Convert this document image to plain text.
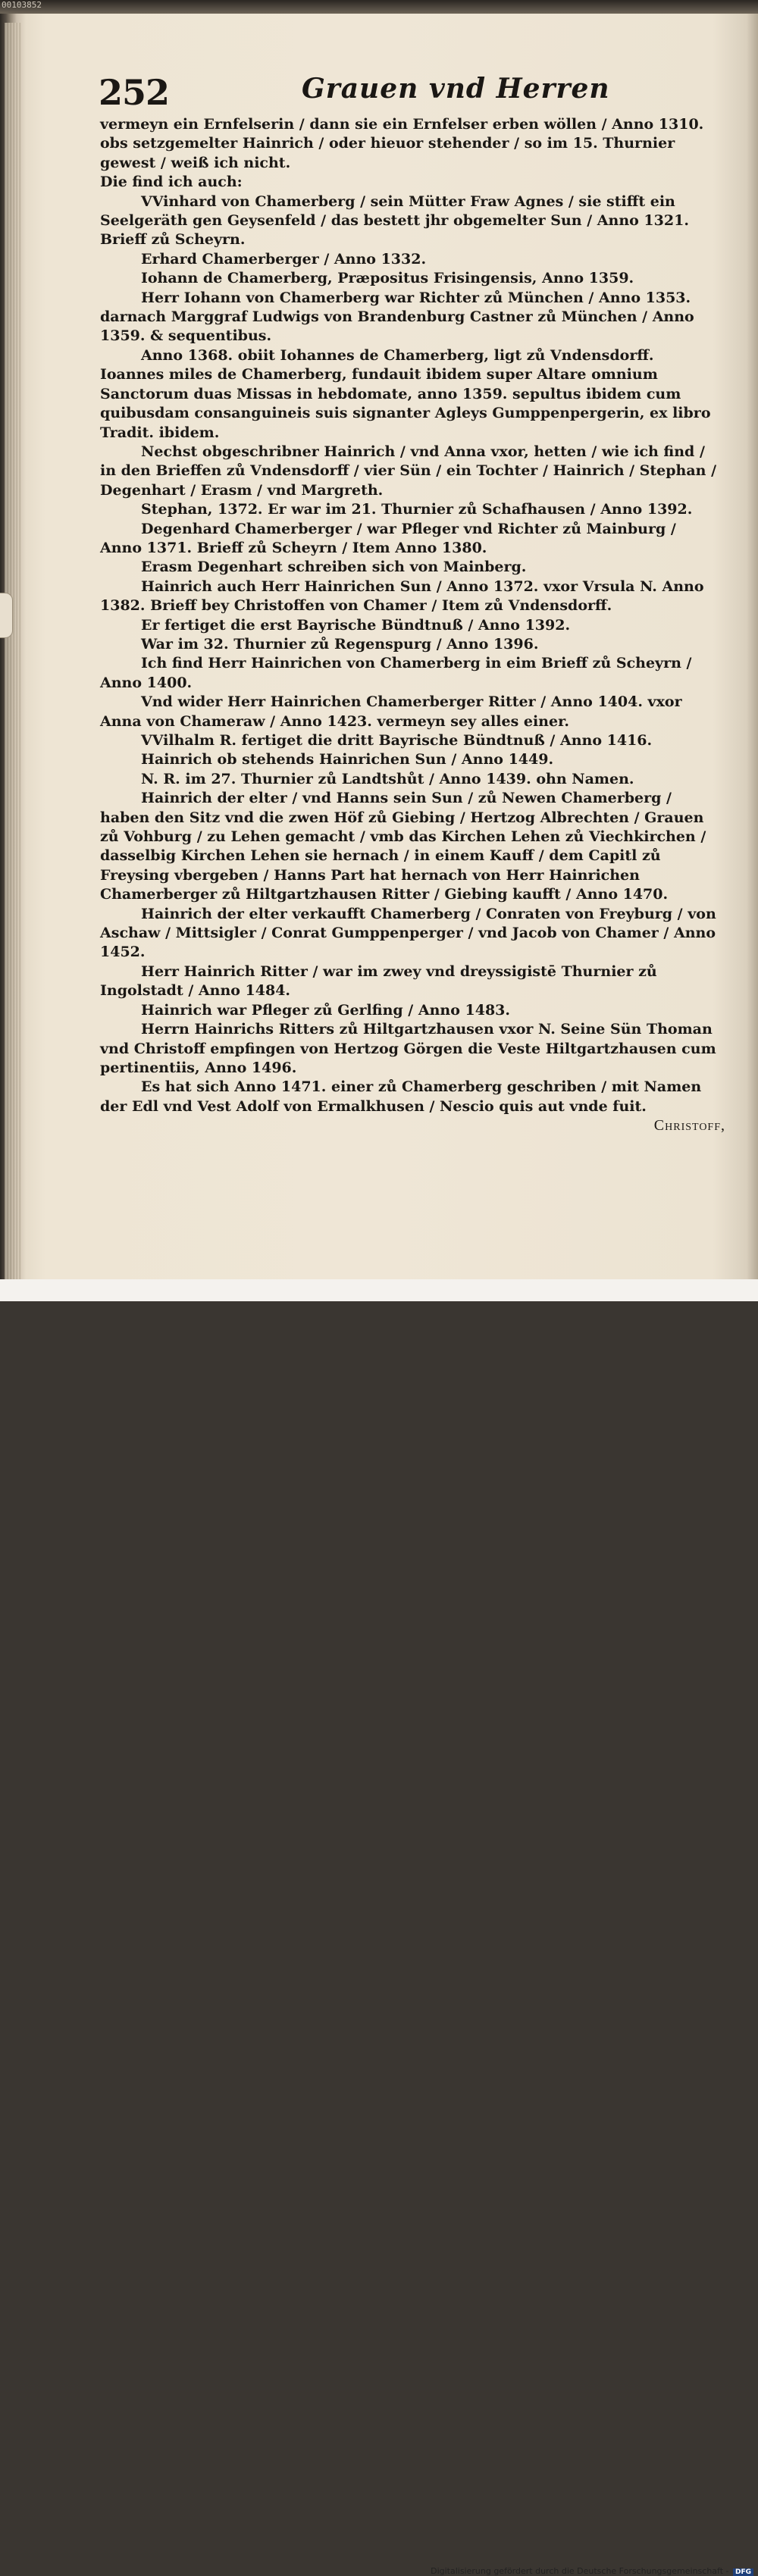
00103852
252	Grauen vnd Herren

vermeyn ein Ernfelserin / dann sie ein Ernfelser erben wöllen / Anno 1310. obs setzgemelter Hainrich / oder hieuor stehender / so im 15. Thurnier gewest / weiß ich nicht.

Die find ich auch:

VVinhard von Chamerberg / sein Mütter Fraw Agnes / sie stifft ein Seelgeräth gen Geysenfeld / das bestett jhr obgemelter Sun / Anno 1321. Brieff zů Scheyrn.

Erhard Chamerberger / Anno 1332.

Iohann de Chamerberg, Præpositus Frisingensis, Anno 1359.

Herr Iohann von Chamerberg war Richter zů München / Anno 1353. darnach Marggraf Ludwigs von Brandenburg Castner zů München / Anno 1359. & sequentibus.

Anno 1368. obiit Iohannes de Chamerberg, ligt zů Vndensdorff. Ioannes miles de Chamerberg, fundauit ibidem super Altare omnium Sanctorum duas Missas in hebdomate, anno 1359. sepultus ibidem cum quibusdam consanguineis suis signanter Agleys Gumppenpergerin, ex libro Tradit. ibidem.

Nechst obgeschribner Hainrich / vnd Anna vxor, hetten / wie ich find / in den Brieffen zů Vndensdorff / vier Sün / ein Tochter / Hainrich / Stephan / Degenhart / Erasm / vnd Margreth.

Stephan, 1372. Er war im 21. Thurnier zů Schafhausen / Anno 1392.

Degenhard Chamerberger / war Pfleger vnd Richter zů Mainburg / Anno 1371. Brieff zů Scheyrn / Item Anno 1380.

Erasm Degenhart schreiben sich von Mainberg.

Hainrich auch Herr Hainrichen Sun / Anno 1372. vxor Vrsula N. Anno 1382. Brieff bey Christoffen von Chamer / Item zů Vndensdorff.

Er fertiget die erst Bayrische Bündtnuß / Anno 1392.

War im 32. Thurnier zů Regenspurg / Anno 1396.

Ich find Herr Hainrichen von Chamerberg in eim Brieff zů Scheyrn / Anno 1400.

Vnd wider Herr Hainrichen Chamerberger Ritter / Anno 1404. vxor Anna von Chameraw / Anno 1423. vermeyn sey alles einer.

VVilhalm R. fertiget die dritt Bayrische Bündtnuß / Anno 1416.

Hainrich ob stehends Hainrichen Sun / Anno 1449.

N. R. im 27. Thurnier zů Landtshůt / Anno 1439. ohn Namen.

Hainrich der elter / vnd Hanns sein Sun / zů Newen Chamerberg / haben den Sitz vnd die zwen Höf zů Giebing / Hertzog Albrechten / Grauen zů Vohburg / zu Lehen gemacht / vmb das Kirchen Lehen zů Viechkirchen / dasselbig Kirchen Lehen sie hernach / in einem Kauff / dem Capitl zů Freysing vbergeben / Hanns Part hat hernach von Herr Hainrichen Chamerberger zů Hiltgartzhausen Ritter / Giebing kaufft / Anno 1470.

Hainrich der elter verkaufft Chamerberg / Conraten von Freyburg / von Aschaw / Mittsigler / Conrat Gumppenperger / vnd Jacob von Chamer / Anno 1452.

Herr Hainrich Ritter / war im zwey vnd dreyssigistē Thurnier zů Ingolstadt / Anno 1484.

Hainrich war Pfleger zů Gerlfing / Anno 1483.

Herrn Hainrichs Ritters zů Hiltgartzhausen vxor N. Seine Sün Thoman vnd Christoff empfingen von Hertzog Görgen die Veste Hiltgartzhausen cum pertinentiis, Anno 1496.

Es hat sich Anno 1471. einer zů Chamerberg geschriben / mit Namen der Edl vnd Vest Adolf von Ermalkhusen / Nescio quis aut vnde fuit.

Christoff,
Digitalisierung gefördert durch die Deutsche Forschungsgemeinschaft - DFG
